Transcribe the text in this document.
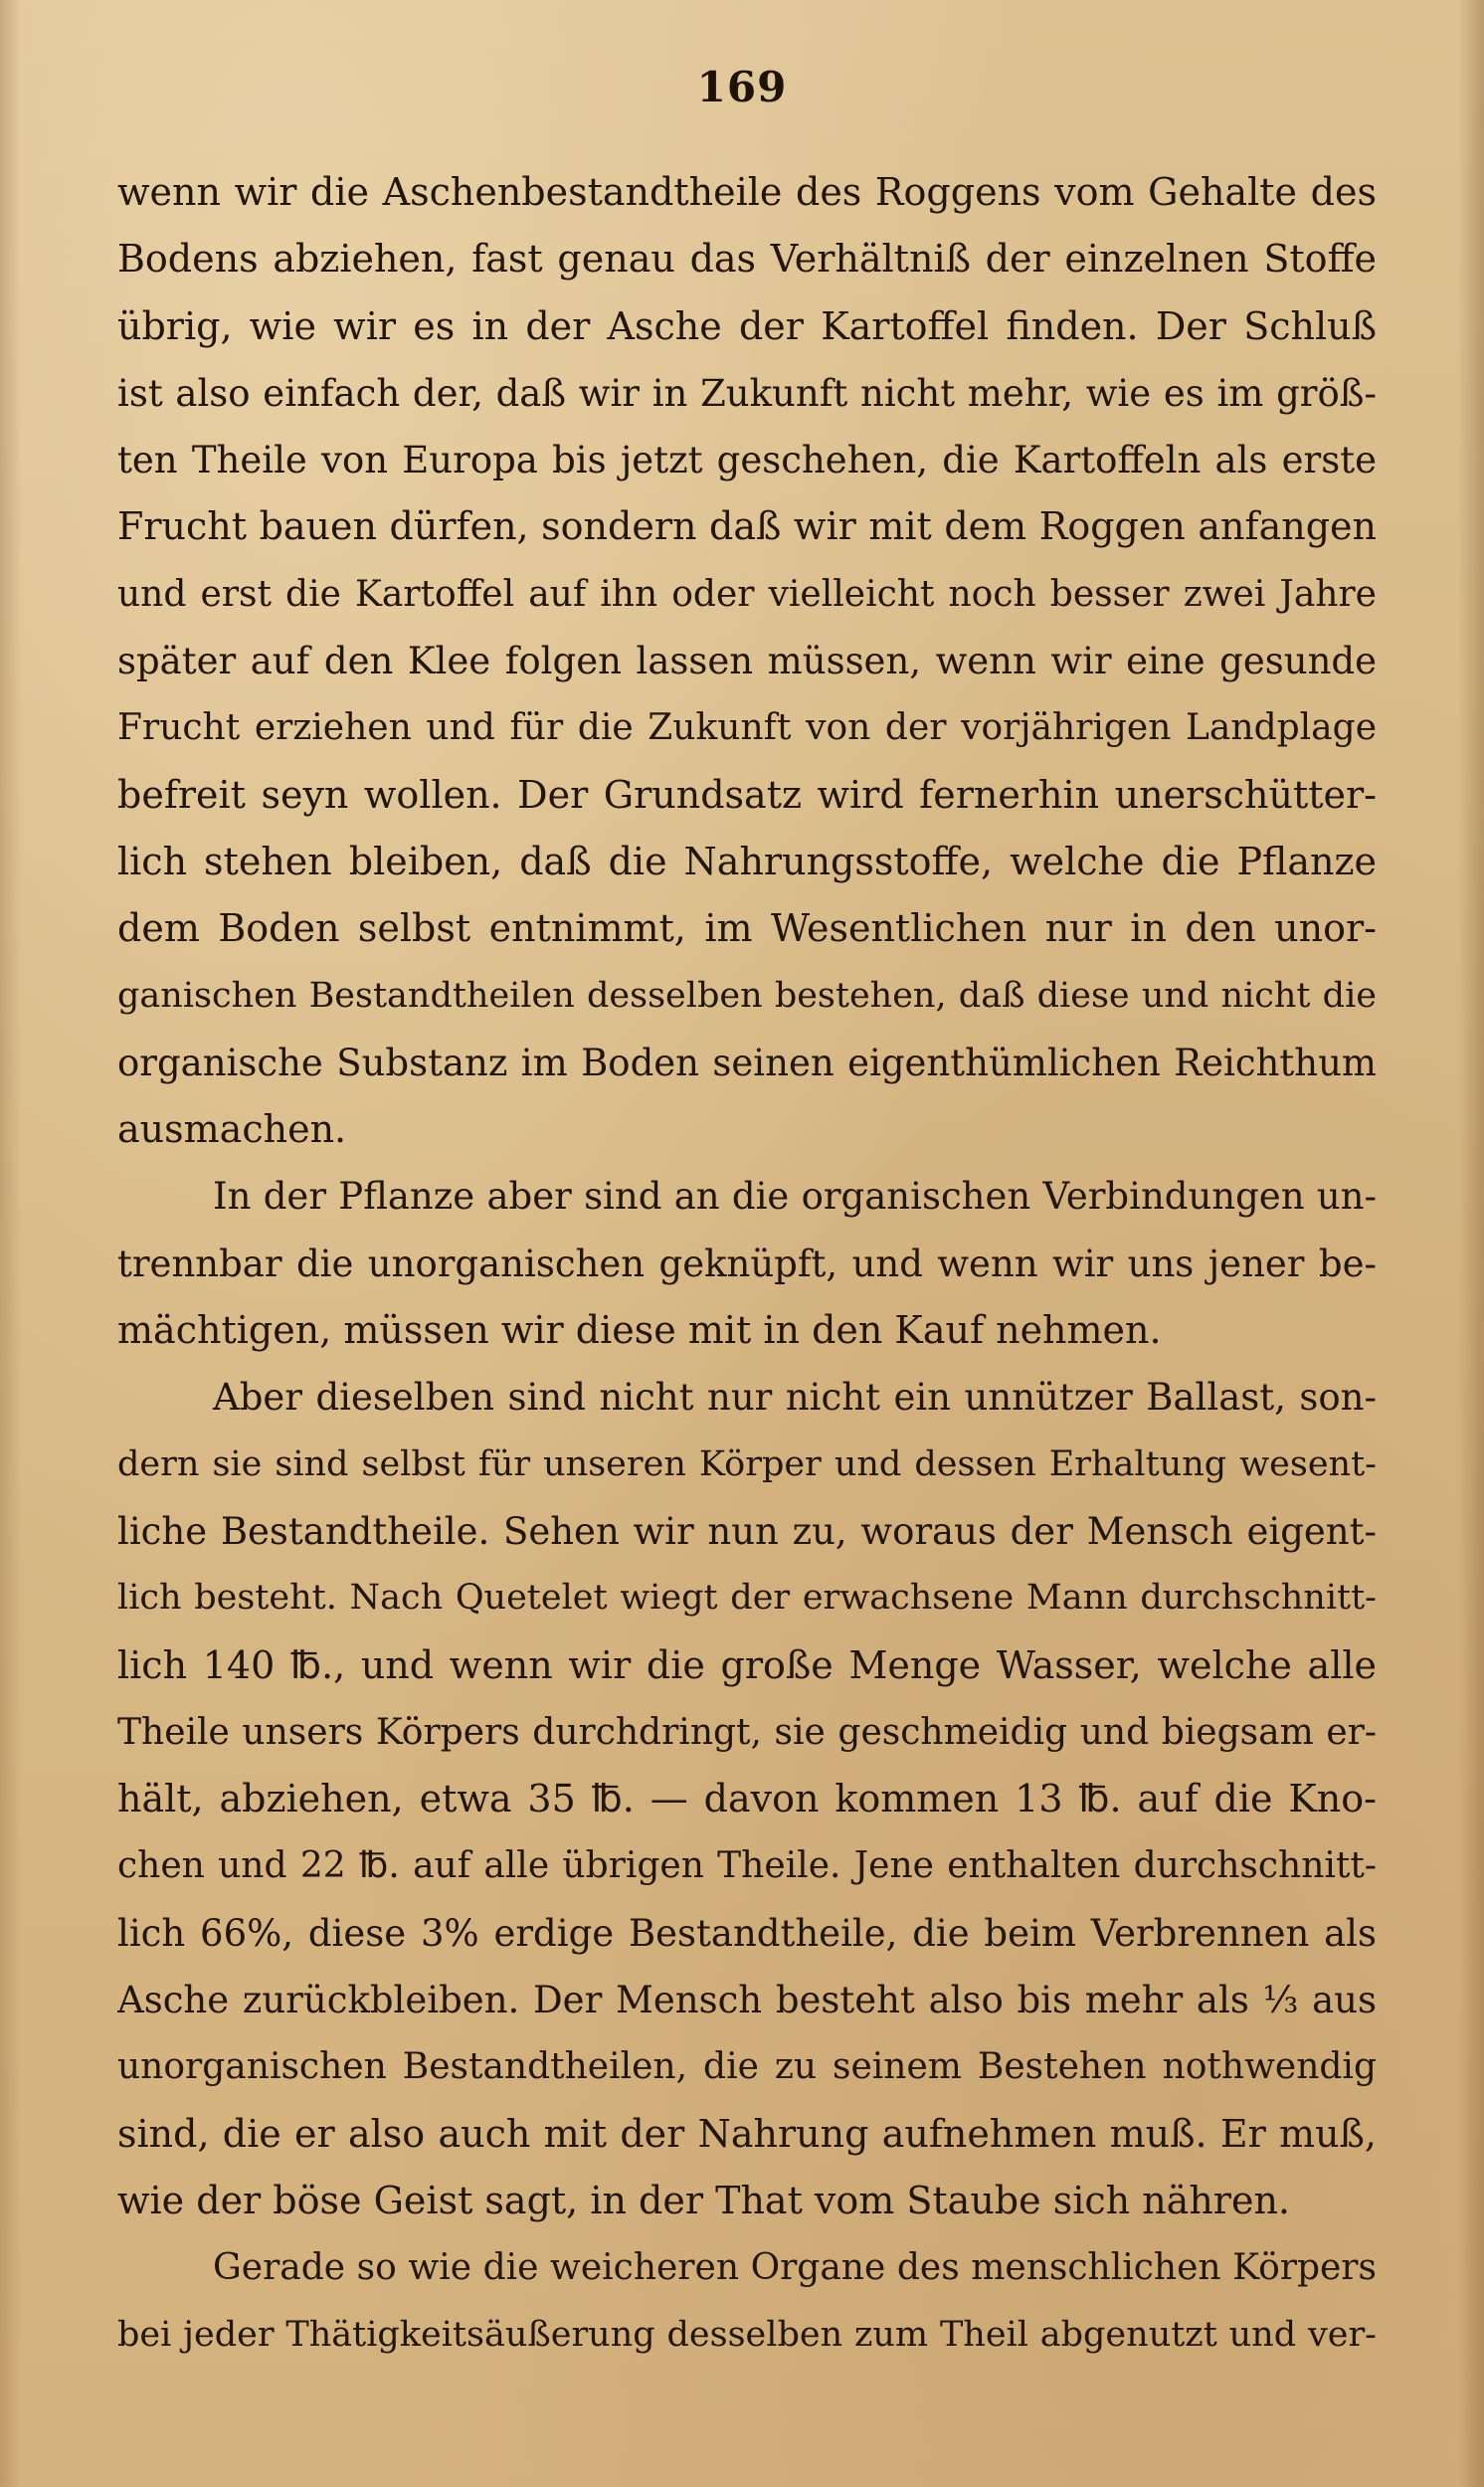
169
wenn wir die Aschenbestandtheile des Roggens vom Gehalte des
Bodens abziehen, fast genau das Verhältniß der einzelnen Stoffe
übrig, wie wir es in der Asche der Kartoffel finden. Der Schluß
ist also einfach der, daß wir in Zukunft nicht mehr, wie es im größ-
ten Theile von Europa bis jetzt geschehen, die Kartoffeln als erste
Frucht bauen dürfen, sondern daß wir mit dem Roggen anfangen
und erst die Kartoffel auf ihn oder vielleicht noch besser zwei Jahre
später auf den Klee folgen lassen müssen, wenn wir eine gesunde
Frucht erziehen und für die Zukunft von der vorjährigen Landplage
befreit seyn wollen. Der Grundsatz wird fernerhin unerschütter-
lich stehen bleiben, daß die Nahrungsstoffe, welche die Pflanze
dem Boden selbst entnimmt, im Wesentlichen nur in den unor-
ganischen Bestandtheilen desselben bestehen, daß diese und nicht die
organische Substanz im Boden seinen eigenthümlichen Reichthum
ausmachen.
In der Pflanze aber sind an die organischen Verbindungen un-
trennbar die unorganischen geknüpft, und wenn wir uns jener be-
mächtigen, müssen wir diese mit in den Kauf nehmen.
Aber dieselben sind nicht nur nicht ein unnützer Ballast, son-
dern sie sind selbst für unseren Körper und dessen Erhaltung wesent-
liche Bestandtheile. Sehen wir nun zu, woraus der Mensch eigent-
lich besteht. Nach Quetelet wiegt der erwachsene Mann durchschnitt-
lich 140 ℔., und wenn wir die große Menge Wasser, welche alle
Theile unsers Körpers durchdringt, sie geschmeidig und biegsam er-
hält, abziehen, etwa 35 ℔. — davon kommen 13 ℔. auf die Kno-
chen und 22 ℔. auf alle übrigen Theile. Jene enthalten durchschnitt-
lich 66%, diese 3% erdige Bestandtheile, die beim Verbrennen als
Asche zurückbleiben. Der Mensch besteht also bis mehr als ⅓ aus
unorganischen Bestandtheilen, die zu seinem Bestehen nothwendig
sind, die er also auch mit der Nahrung aufnehmen muß. Er muß,
wie der böse Geist sagt, in der That vom Staube sich nähren.
Gerade so wie die weicheren Organe des menschlichen Körpers
bei jeder Thätigkeitsäußerung desselben zum Theil abgenutzt und ver-
